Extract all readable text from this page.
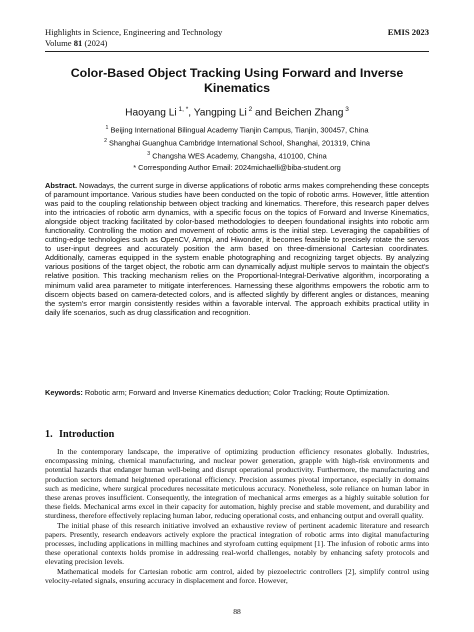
Highlights in Science, Engineering and Technology	EMIS 2023
Volume 81 (2024)
Color-Based Object Tracking Using Forward and Inverse
Kinematics
Haoyang Li $^{1, *}$, Yangping Li $^2$ and Beichen Zhang $^3$
$^1$ Beijing International Bilingual Academy Tianjin Campus, Tianjin, 300457, China
$^2$ Shanghai Guanghua Cambridge International School, Shanghai, 201319, China
$^3$ Changsha WES Academy, Changsha, 410100, China
* Corresponding Author Email: 2024michaelli@biba-student.org

Abstract. Nowadays, the current surge in diverse applications of robotic arms makes comprehending these concepts of paramount importance. Various studies have been conducted on the topic of robotic arms. However, little attention was paid to the coupling relationship between object tracking and kinematics. Therefore, this research paper delves into the intricacies of robotic arm dynamics, with a specific focus on the topics of Forward and Inverse Kinematics, alongside object tracking facilitated by color-based methodologies to deepen foundational insights into robotic arm functionality. Controlling the motion and movement of robotic arms is the initial step. Leveraging the capabilities of cutting-edge technologies such as OpenCV, Armpi, and Hiwonder, it becomes feasible to precisely rotate the servos to user-input degrees and accurately position the arm based on three-dimensional Cartesian coordinates. Additionally, cameras equipped in the system enable photographing and recognizing target objects. By analyzing various positions of the target object, the robotic arm can dynamically adjust multiple servos to maintain the object's relative position. This tracking mechanism relies on the Proportional-Integral-Derivative algorithm, incorporating a minimum valid area parameter to mitigate interferences. Harnessing these algorithms empowers the robotic arm to discern objects based on camera-detected colors, and is affected slightly by different angles or distances, meaning the system's error margin consistently resides within a favorable interval. The approach exhibits practical utility in daily life scenarios, such as drug classification and recognition.

Keywords: Robotic arm; Forward and Inverse Kinematics deduction; Color Tracking; Route Optimization.

1. Introduction

In the contemporary landscape, the imperative of optimizing production efficiency resonates globally. Industries, encompassing mining, chemical manufacturing, and nuclear power generation, grapple with high-risk environments and potential hazards that endanger human well-being and disrupt operational productivity. Furthermore, the manufacturing and production sectors demand heightened operational efficiency. Precision assumes pivotal importance, especially in domains such as medicine, where surgical procedures necessitate meticulous accuracy. Nonetheless, sole reliance on human labor in these arenas proves insufficient. Consequently, the integration of mechanical arms emerges as a highly suitable solution for these fields. Mechanical arms excel in their capacity for automation, highly precise and stable movement, and durability and sturdiness, therefore effectively replacing human labor, reducing operational costs, and enhancing output and overall quality.

The initial phase of this research initiative involved an exhaustive review of pertinent academic literature and research papers. Presently, research endeavors actively explore the practical integration of robotic arms into digital manufacturing processes, including applications in milling machines and styrofoam cutting equipment [1]. The infusion of robotic arms into these operational contexts holds promise in addressing real-world challenges, notably by enhancing safety protocols and elevating precision levels.

Mathematical models for Cartesian robotic arm control, aided by piezoelectric controllers [2], simplify control using velocity-related signals, ensuring accuracy in displacement and force. However,

88
